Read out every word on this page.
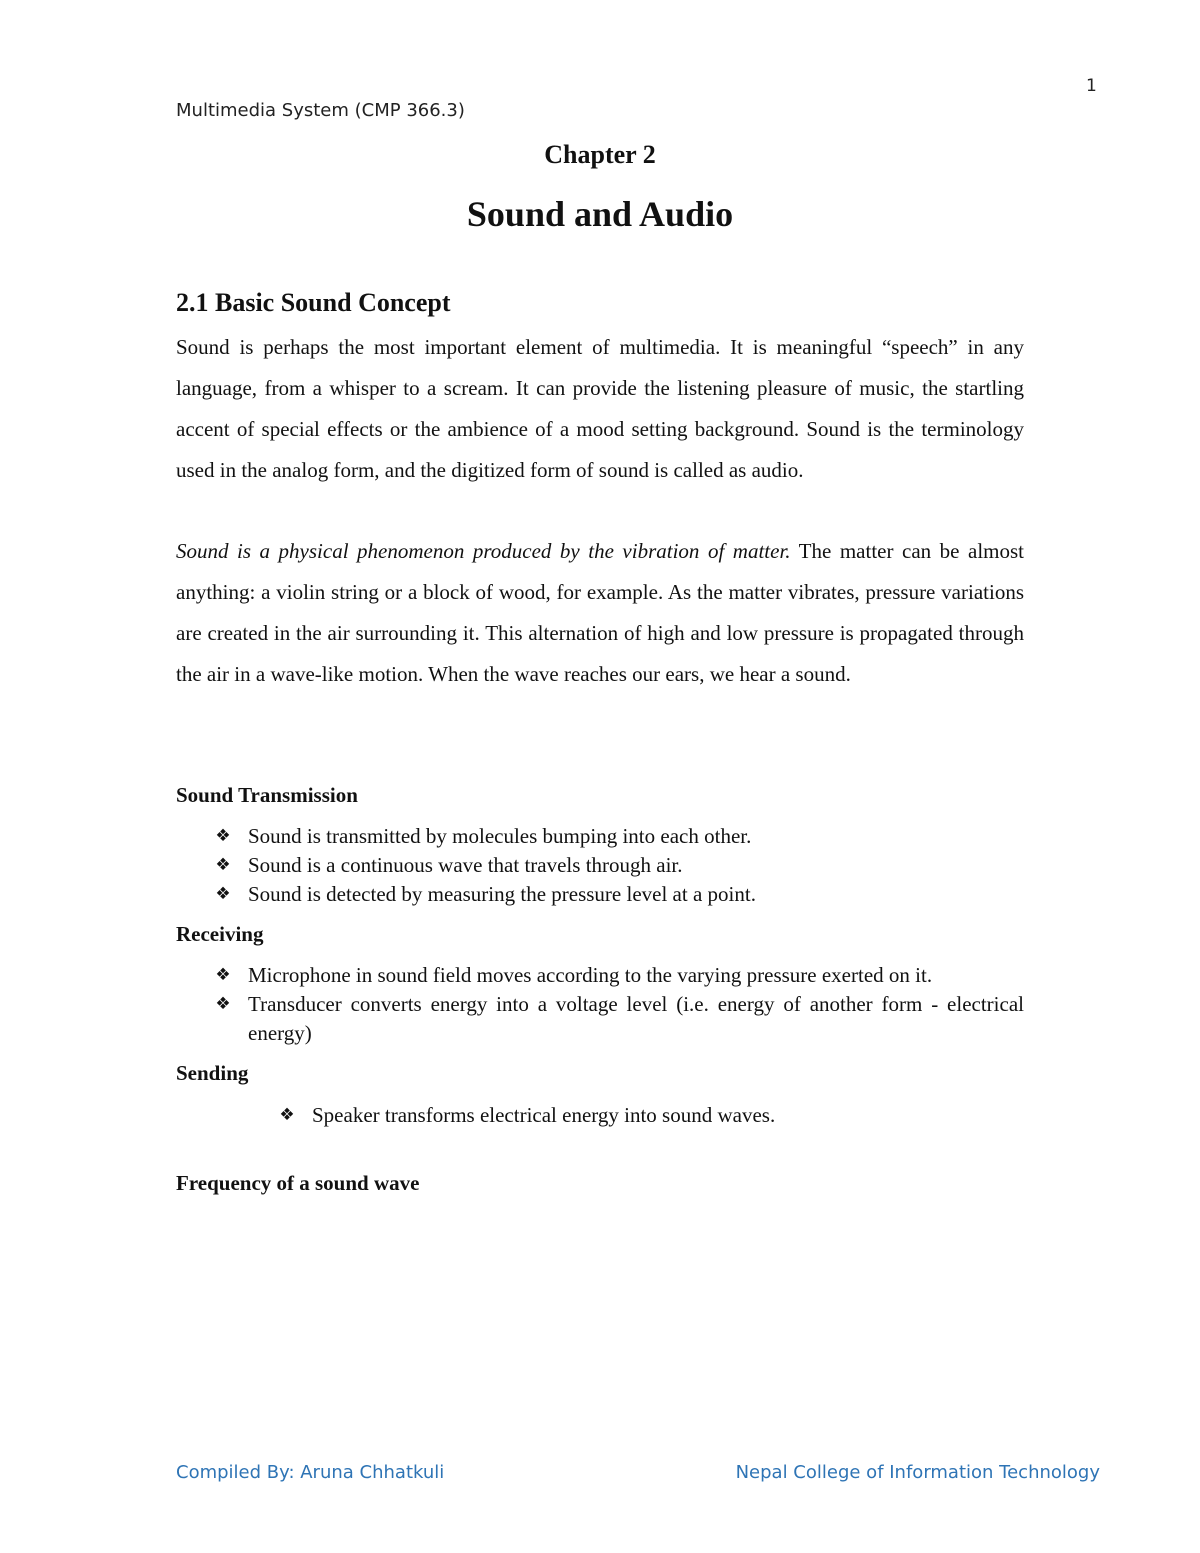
Multimedia System (CMP 366.3)
1
Chapter 2
Sound and Audio
2.1 Basic Sound Concept

Sound is perhaps the most important element of multimedia. It is meaningful “speech” in any language, from a whisper to a scream. It can provide the listening pleasure of music, the startling accent of special effects or the ambience of a mood setting background. Sound is the terminology used in the analog form, and the digitized form of sound is called as audio.

Sound is a physical phenomenon produced by the vibration of matter. The matter can be almost anything: a violin string or a block of wood, for example. As the matter vibrates, pressure variations are created in the air surrounding it. This alternation of high and low pressure is propagated through the air in a wave-like motion. When the wave reaches our ears, we hear a sound.

Sound Transmission
❖ Sound is transmitted by molecules bumping into each other.
❖ Sound is a continuous wave that travels through air.
❖ Sound is detected by measuring the pressure level at a point.
Receiving
❖ Microphone in sound field moves according to the varying pressure exerted on it.
❖ Transducer converts energy into a voltage level (i.e. energy of another form - electrical energy)
Sending
❖ Speaker transforms electrical energy into sound waves.
Frequency of a sound wave
Compiled By: Aruna Chhatkuli	Nepal College of Information Technology
